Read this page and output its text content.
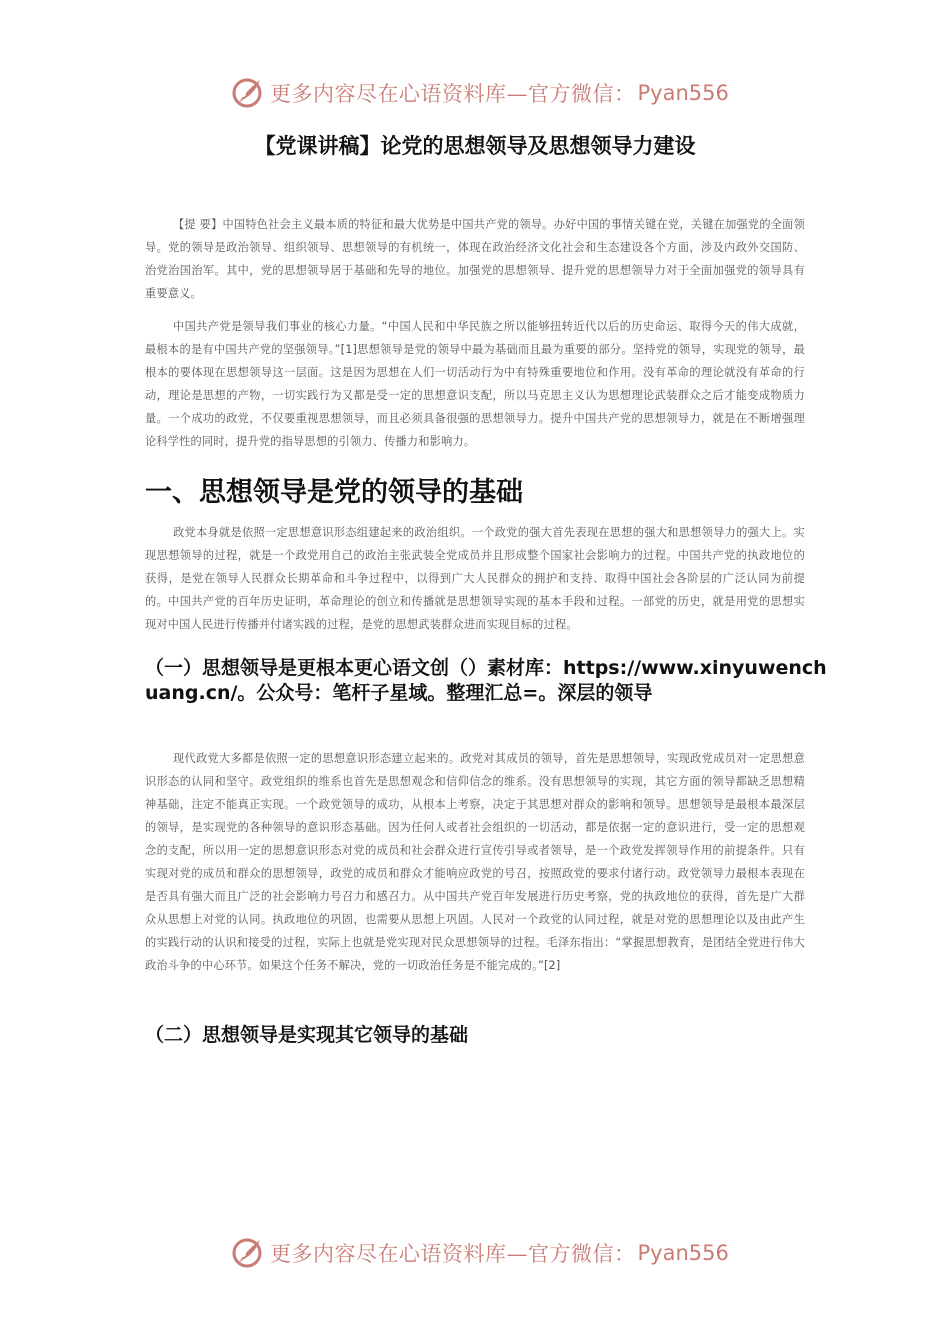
更多内容尽在心语资料库—官方微信： Pyan556
【党课讲稿】论党的思想领导及思想领导力建设

【提 要】中国特色社会主义最本质的特征和最大优势是中国共产党的领导。办好中国的事情关键在党，关键在加强党的全面领导。党的领导是政治领导、组织领导、思想领导的有机统一，体现在政治经济文化社会和生态建设各个方面，涉及内政外交国防、治党治国治军。其中，党的思想领导居于基础和先导的地位。加强党的思想领导、提升党的思想领导力对于全面加强党的领导具有重要意义。

中国共产党是领导我们事业的核心力量。“中国人民和中华民族之所以能够扭转近代以后的历史命运、取得今天的伟大成就，最根本的是有中国共产党的坚强领导。”[1]思想领导是党的领导中最为基础而且最为重要的部分。坚持党的领导，实现党的领导，最根本的要体现在思想领导这一层面。这是因为思想在人们一切活动行为中有特殊重要地位和作用。没有革命的理论就没有革命的行动，理论是思想的产物，一切实践行为又都是受一定的思想意识支配，所以马克思主义认为思想理论武装群众之后才能变成物质力量。一个成功的政党，不仅要重视思想领导，而且必须具备很强的思想领导力。提升中国共产党的思想领导力，就是在不断增强理论科学性的同时，提升党的指导思想的引领力、传播力和影响力。

一、思想领导是党的领导的基础

政党本身就是依照一定思想意识形态组建起来的政治组织。一个政党的强大首先表现在思想的强大和思想领导力的强大上。实现思想领导的过程，就是一个政党用自己的政治主张武装全党成员并且形成整个国家社会影响力的过程。中国共产党的执政地位的获得，是党在领导人民群众长期革命和斗争过程中，以得到广大人民群众的拥护和支持、取得中国社会各阶层的广泛认同为前提的。中国共产党的百年历史证明，革命理论的创立和传播就是思想领导实现的基本手段和过程。一部党的历史，就是用党的思想实现对中国人民进行传播并付诸实践的过程，是党的思想武装群众进而实现目标的过程。

（一）思想领导是更根本更心语文创（）素材库：https://www.xinyuwenchuang.cn/。公众号：笔杆子星域。整理汇总=。深层的领导

现代政党大多都是依照一定的思想意识形态建立起来的。政党对其成员的领导，首先是思想领导，实现政党成员对一定思想意识形态的认同和坚守。政党组织的维系也首先是思想观念和信仰信念的维系。没有思想领导的实现，其它方面的领导都缺乏思想精神基础，注定不能真正实现。一个政党领导的成功，从根本上考察，决定于其思想对群众的影响和领导。思想领导是最根本最深层的领导，是实现党的各种领导的意识形态基础。因为任何人或者社会组织的一切活动，都是依据一定的意识进行，受一定的思想观念的支配，所以用一定的思想意识形态对党的成员和社会群众进行宣传引导或者领导，是一个政党发挥领导作用的前提条件。只有实现对党的成员和群众的思想领导，政党的成员和群众才能响应政党的号召，按照政党的要求付诸行动。政党领导力最根本表现在是否具有强大而且广泛的社会影响力号召力和感召力。从中国共产党百年发展进行历史考察，党的执政地位的获得，首先是广大群众从思想上对党的认同。执政地位的巩固，也需要从思想上巩固。人民对一个政党的认同过程，就是对党的思想理论以及由此产生的实践行动的认识和接受的过程，实际上也就是党实现对民众思想领导的过程。毛泽东指出：“掌握思想教育，是团结全党进行伟大政治斗争的中心环节。如果这个任务不解决，党的一切政治任务是不能完成的。”[2]

（二）思想领导是实现其它领导的基础
更多内容尽在心语资料库—官方微信： Pyan556
